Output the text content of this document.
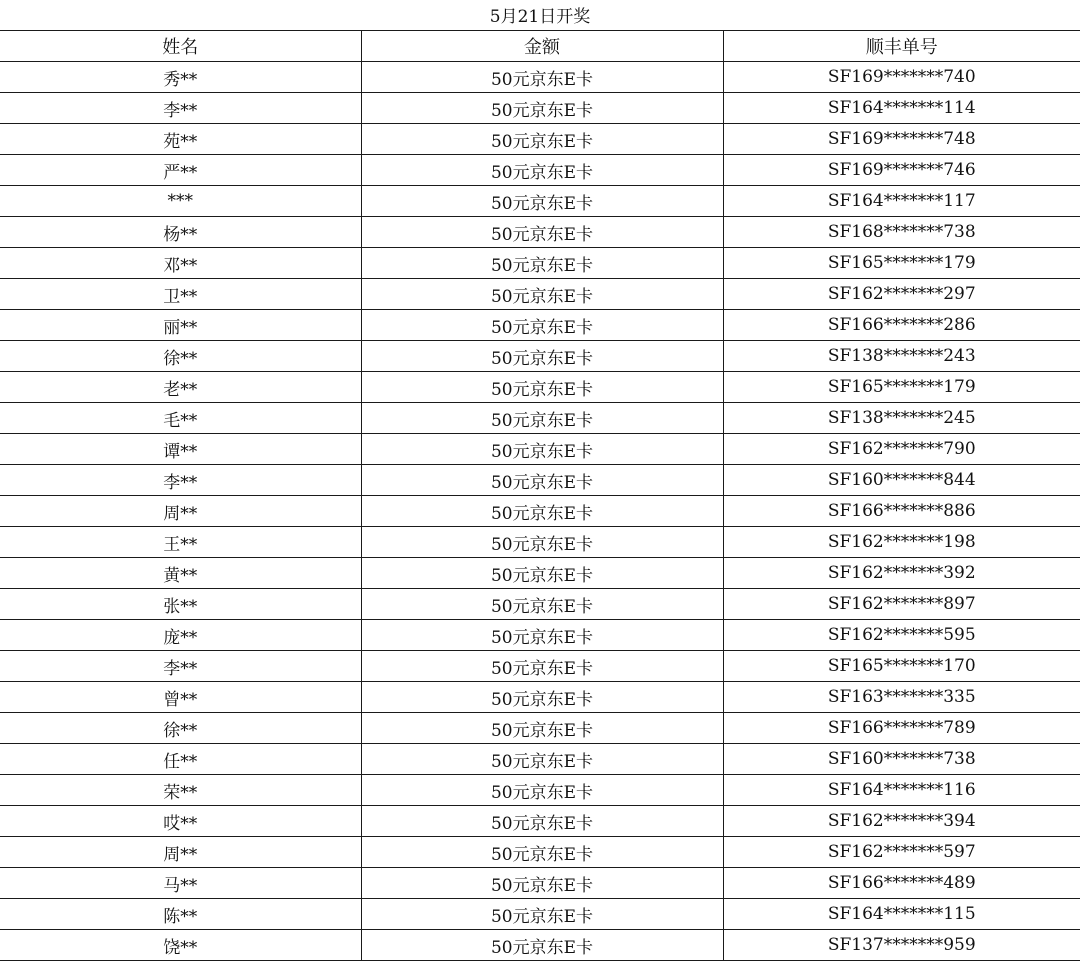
5月21日开奖
姓名	金额	顺丰单号
秀**	50元京东E卡	SF169*******740
李**	50元京东E卡	SF164*******114
苑**	50元京东E卡	SF169*******748
严**	50元京东E卡	SF169*******746
***	50元京东E卡	SF164*******117
杨**	50元京东E卡	SF168*******738
邓**	50元京东E卡	SF165*******179
卫**	50元京东E卡	SF162*******297
丽**	50元京东E卡	SF166*******286
徐**	50元京东E卡	SF138*******243
老**	50元京东E卡	SF165*******179
毛**	50元京东E卡	SF138*******245
谭**	50元京东E卡	SF162*******790
李**	50元京东E卡	SF160*******844
周**	50元京东E卡	SF166*******886
王**	50元京东E卡	SF162*******198
黄**	50元京东E卡	SF162*******392
张**	50元京东E卡	SF162*******897
庞**	50元京东E卡	SF162*******595
李**	50元京东E卡	SF165*******170
曾**	50元京东E卡	SF163*******335
徐**	50元京东E卡	SF166*******789
任**	50元京东E卡	SF160*******738
荣**	50元京东E卡	SF164*******116
哎**	50元京东E卡	SF162*******394
周**	50元京东E卡	SF162*******597
马**	50元京东E卡	SF166*******489
陈**	50元京东E卡	SF164*******115
饶**	50元京东E卡	SF137*******959
